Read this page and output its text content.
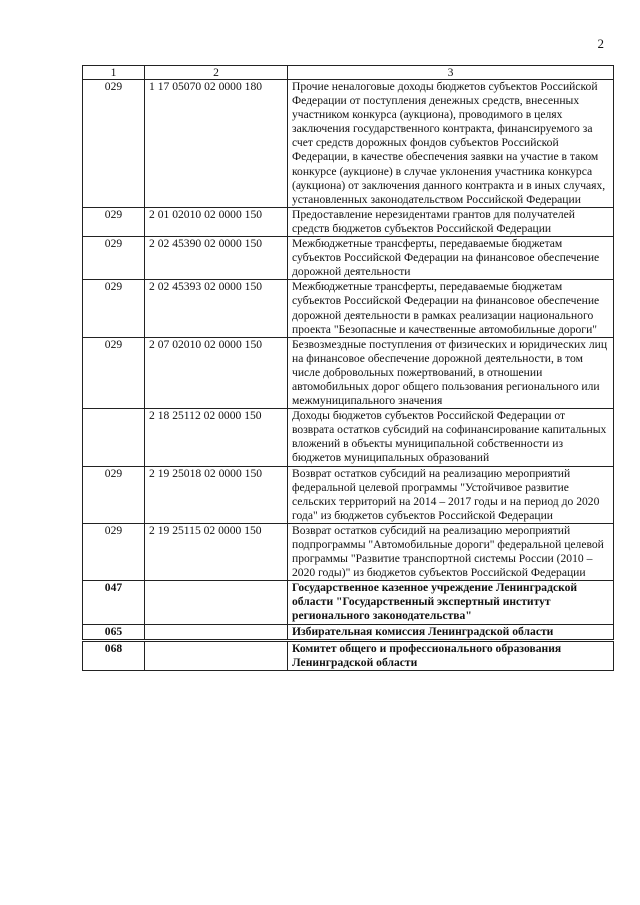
2
1	2	3
029	1 17 05070 02 0000 180	Прочие неналоговые доходы бюджетов субъектов Российской Федерации от поступления денежных средств, внесенных участником конкурса (аукциона), проводимого в целях заключения государственного контракта, финансируемого за счет средств дорожных фондов субъектов Российской Федерации, в качестве обеспечения заявки на участие в таком конкурсе (аукционе) в случае уклонения участника конкурса (аукциона) от заключения данного контракта и в иных случаях, установленных законодательством Российской Федерации
029	2 01 02010 02 0000 150	Предоставление нерезидентами грантов для получателей средств бюджетов субъектов Российской Федерации
029	2 02 45390 02 0000 150	Межбюджетные трансферты, передаваемые бюджетам субъектов Российской Федерации на финансовое обеспечение дорожной деятельности
029	2 02 45393 02 0000 150	Межбюджетные трансферты, передаваемые бюджетам субъектов Российской Федерации на финансовое обеспечение дорожной деятельности в рамках реализации национального проекта "Безопасные и качественные автомобильные дороги"
029	2 07 02010 02 0000 150	Безвозмездные поступления от физических и юридических лиц на финансовое обеспечение дорожной деятельности, в том числе добровольных пожертвований, в отношении автомобильных дорог общего пользования регионального или межмуниципального значения
	2 18 25112 02 0000 150	Доходы бюджетов субъектов Российской Федерации от возврата остатков субсидий на софинансирование капитальных вложений в объекты муниципальной собственности из бюджетов муниципальных образований
029	2 19 25018 02 0000 150	Возврат остатков субсидий на реализацию мероприятий федеральной целевой программы "Устойчивое развитие сельских территорий на 2014 – 2017 годы и на период до 2020 года" из бюджетов субъектов Российской Федерации
029	2 19 25115 02 0000 150	Возврат остатков субсидий на реализацию мероприятий подпрограммы "Автомобильные дороги" федеральной целевой программы "Развитие транспортной системы России (2010 – 2020 годы)" из бюджетов субъектов Российской Федерации
047		Государственное казенное учреждение Ленинградской области "Государственный экспертный институт регионального законодательства"
065		Избирательная комиссия Ленинградской области
068		Комитет общего и профессионального образования Ленинградской области
